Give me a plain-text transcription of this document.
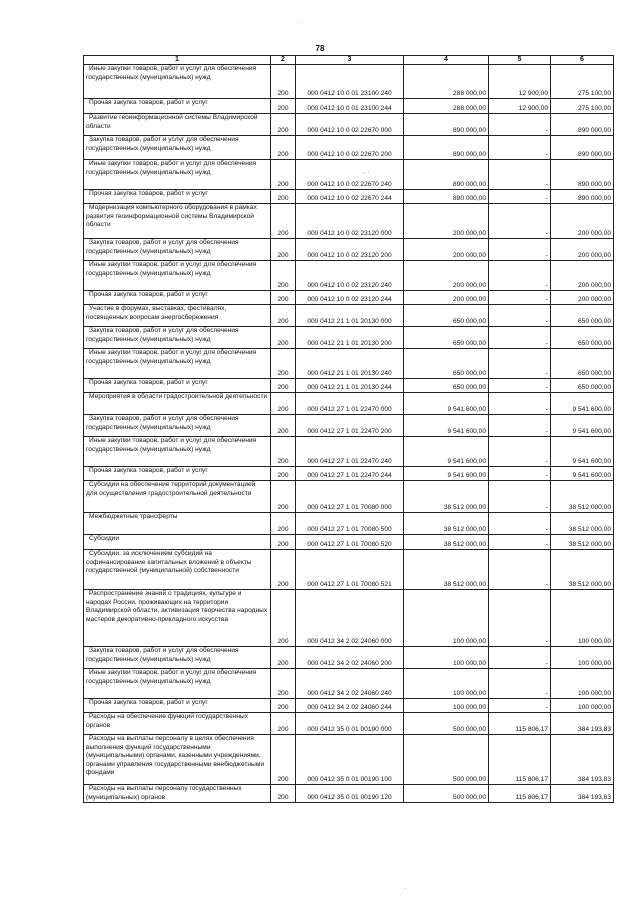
78
· ·
·. ·
·
1	2	3	4	5	6

Иные закупки товаров, работ и услуг для обеспечения государственных (муниципальных) нужд	200	000 0412 10 0 01 23100 240	288 000,00	12 900,00	275 100,00

Прочая закупка товаров, работ и услуг	200	000 0412 10 0 01 23100 244	288 000,00	12 900,00	275 100,00

Развитие геоинформационной системы Владимирской области	200	000 0412 10 0 02 22670 000	890 000,00	-	890 000,00

Закупка товаров, работ и услуг для обеспечения государственных (муниципальных) нужд	200	000 0412 10 0 02 22670 200	890 000,00	-	890 000,00

Иные закупки товаров, работ и услуг для обеспечения государственных (муниципальных) нужд	200	000 0412 10 0 02 22670 240	890 000,00	-	890 000,00

Прочая закупка товаров, работ и услуг	200	000 0412 10 0 02 22670 244	890 000,00	-	890 000,00

Модернизация компьютерного оборудования в рамках развития геоинформационной системы Владимирской области	200	000 0412 10 0 02 23120 000	200 000,00	-	200 000,00

Закупка товаров, работ и услуг для обеспечения государственных (муниципальных) нужд	200	000 0412 10 0 02 23120 200	200 000,00	-	200 000,00

Иные закупки товаров, работ и услуг для обеспечения государственных (муниципальных) нужд	200	000 0412 10 0 02 23120 240	200 000,00	-	200 000,00

Прочая закупка товаров, работ и услуг	200	000 0412 10 0 02 23120 244	200 000,00	-	200 000,00

Участие в форумах, выставках, фестивалях, посвященных вопросам энергосбережения	200	000 0412 21 1 01 20130 000	650 000,00	-	650 000,00

Закупка товаров, работ и услуг для обеспечения государственных (муниципальных) нужд	200	000 0412 21 1 01 20130 200	650 000,00	-	650 000,00

Иные закупки товаров, работ и услуг для обеспечения государственных (муниципальных) нужд	200	000 0412 21 1 01 20130 240	650 000,00	-	650 000,00

Прочая закупка товаров, работ и услуг	200	000 0412 21 1 01 20130 244	650 000,00	-	650 000,00

Мероприятия в области градостроительной деятельности	200	000 0412 27 1 01 22470 000	9 541 600,00	-	9 541 600,00

Закупка товаров, работ и услуг для обеспечения государственных (муниципальных) нужд	200	000 0412 27 1 01 22470 200	9 541 600,00	-	9 541 600,00

Иные закупки товаров, работ и услуг для обеспечения государственных (муниципальных) нужд	200	000 0412 27 1 01 22470 240	9 541 600,00	-	9 541 600,00

Прочая закупка товаров, работ и услуг	200	000 0412 27 1 01 22470 244	9 541 600,00	-	9 541 600,00

Субсидии на обеспечение территорий документацией для осуществления градостроительной деятельности	200	000 0412 27 1 01 70080 000	38 512 000,00	-	38 512 000,00

Межбюджетные трансферты	200	000 0412 27 1 01 70080 500	38 512 000,00	-	38 512 000,00

Субсидии	200	000 0412 27 1 01 70080 520	38 512 000,00	-	38 512 000,00

Субсидии, за исключением субсидий на софинансирование капитальных вложений в объекты государственной (муниципальной) собственности	200	000 0412 27 1 01 70080 521	38 512 000,00	-	38 512 000,00

Распространение знаний о традициях, культуре и народах России, проживающих на территории Владимирской области, активизация творчества народных мастеров декоративно-прикладного искусства	200	000 0412 34 2 02 24060 000	100 000,00	-	100 000,00

Закупка товаров, работ и услуг для обеспечения государственных (муниципальных) нужд	200	000 0412 34 2 02 24060 200	100 000,00	-	100 000,00

Иные закупки товаров, работ и услуг для обеспечения государственных (муниципальных) нужд	200	000 0412 34 2 02 24060 240	100 000,00	-	100 000,00

Прочая закупка товаров, работ и услуг	200	000 0412 34 2 02 24060 244	100 000,00	-	100 000,00

Расходы на обеспечение функций государственных органов	200	000 0412 35 0 01 00190 000	500 000,00	115 806,17	384 193,83

Расходы на выплаты персоналу в целях обеспечения выполнения функций государственными (муниципальными) органами, казенными учреждениями, органами управления государственными внебюджетными фондами	200	000 0412 35 0 01 00190 100	500 000,00	115 806,17	384 193,83

Расходы на выплаты персоналу государственных (муниципальных) органов	200	000 0412 35 0 01 00190 120	500 000,00	115 806,17	384 193,83
